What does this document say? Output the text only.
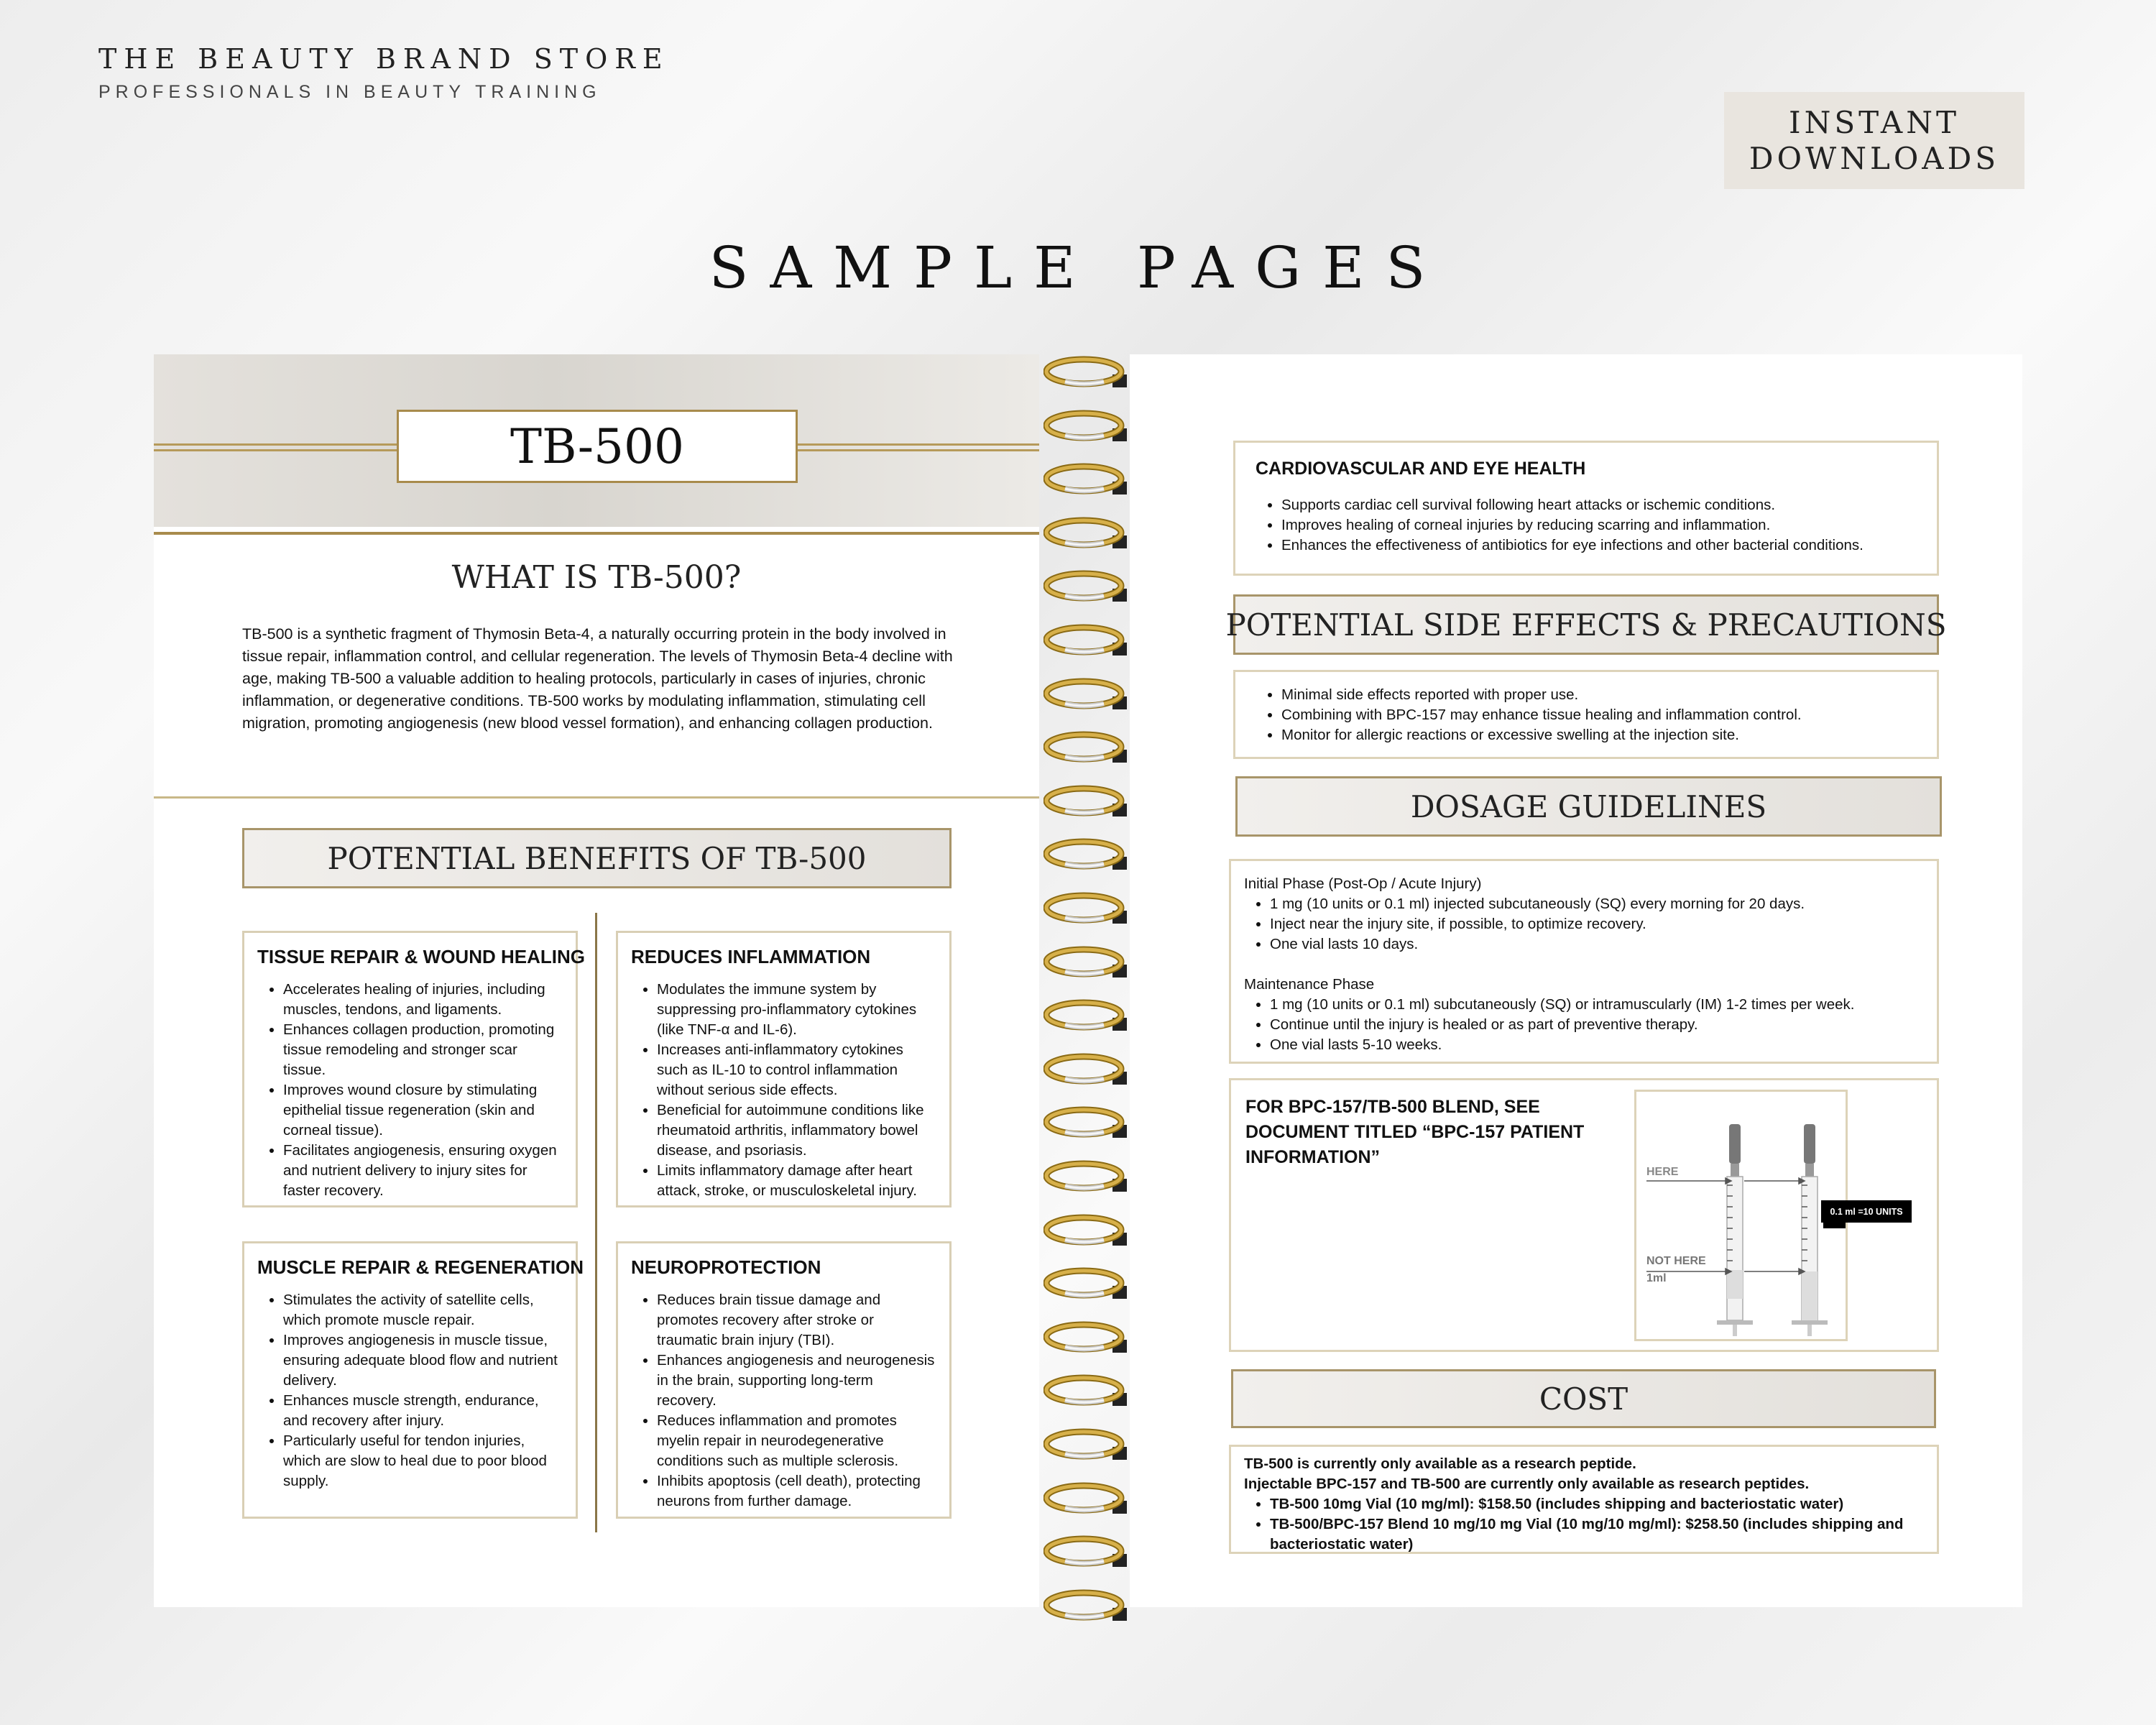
THE BEAUTY BRAND STORE
PROFESSIONALS IN BEAUTY TRAINING
INSTANT
DOWNLOADS
SAMPLE PAGES
TB-500
WHAT IS TB-500?
TB-500 is a synthetic fragment of Thymosin Beta-4, a naturally occurring protein in the body involved in tissue repair, inflammation control, and cellular regeneration. The levels of Thymosin Beta-4 decline with age, making TB-500 a valuable addition to healing protocols, particularly in cases of injuries, chronic inflammation, or degenerative conditions. TB-500 works by modulating inflammation, stimulating cell migration, promoting angiogenesis (new blood vessel formation), and enhancing collagen production.
POTENTIAL BENEFITS OF TB-500
TISSUE REPAIR & WOUND HEALING
• Accelerates healing of injuries, including muscles, tendons, and ligaments.
• Enhances collagen production, promoting tissue remodeling and stronger scar tissue.
• Improves wound closure by stimulating epithelial tissue regeneration (skin and corneal tissue).
• Facilitates angiogenesis, ensuring oxygen and nutrient delivery to injury sites for faster recovery.
REDUCES INFLAMMATION
• Modulates the immune system by suppressing pro-inflammatory cytokines (like TNF-α and IL-6).
• Increases anti-inflammatory cytokines such as IL-10 to control inflammation without serious side effects.
• Beneficial for autoimmune conditions like rheumatoid arthritis, inflammatory bowel disease, and psoriasis.
• Limits inflammatory damage after heart attack, stroke, or musculoskeletal injury.
MUSCLE REPAIR & REGENERATION
• Stimulates the activity of satellite cells, which promote muscle repair.
• Improves angiogenesis in muscle tissue, ensuring adequate blood flow and nutrient delivery.
• Enhances muscle strength, endurance, and recovery after injury.
• Particularly useful for tendon injuries, which are slow to heal due to poor blood supply.
NEUROPROTECTION
• Reduces brain tissue damage and promotes recovery after stroke or traumatic brain injury (TBI).
• Enhances angiogenesis and neurogenesis in the brain, supporting long-term recovery.
• Reduces inflammation and promotes myelin repair in neurodegenerative conditions such as multiple sclerosis.
• Inhibits apoptosis (cell death), protecting neurons from further damage.
CARDIOVASCULAR AND EYE HEALTH
• Supports cardiac cell survival following heart attacks or ischemic conditions.
• Improves healing of corneal injuries by reducing scarring and inflammation.
• Enhances the effectiveness of antibiotics for eye infections and other bacterial conditions.
POTENTIAL SIDE EFFECTS & PRECAUTIONS
• Minimal side effects reported with proper use.
• Combining with BPC-157 may enhance tissue healing and inflammation control.
• Monitor for allergic reactions or excessive swelling at the injection site.
DOSAGE GUIDELINES
Initial Phase (Post-Op / Acute Injury)
• 1 mg (10 units or 0.1 ml) injected subcutaneously (SQ) every morning for 20 days.
• Inject near the injury site, if possible, to optimize recovery.
• One vial lasts 10 days.
Maintenance Phase
• 1 mg (10 units or 0.1 ml) subcutaneously (SQ) or intramuscularly (IM) 1-2 times per week.
• Continue until the injury is healed or as part of preventive therapy.
• One vial lasts 5-10 weeks.
FOR BPC-157/TB-500 BLEND, SEE DOCUMENT TITLED “BPC-157 PATIENT INFORMATION”
HERE
NOT HERE
1ml
0.1 ml =10 UNITS
COST
TB-500 is currently only available as a research peptide.
Injectable BPC-157 and TB-500 are currently only available as research peptides.
• TB-500 10mg Vial (10 mg/ml): $158.50 (includes shipping and bacteriostatic water)
• TB-500/BPC-157 Blend 10 mg/10 mg Vial (10 mg/10 mg/ml): $258.50 (includes shipping and bacteriostatic water)
